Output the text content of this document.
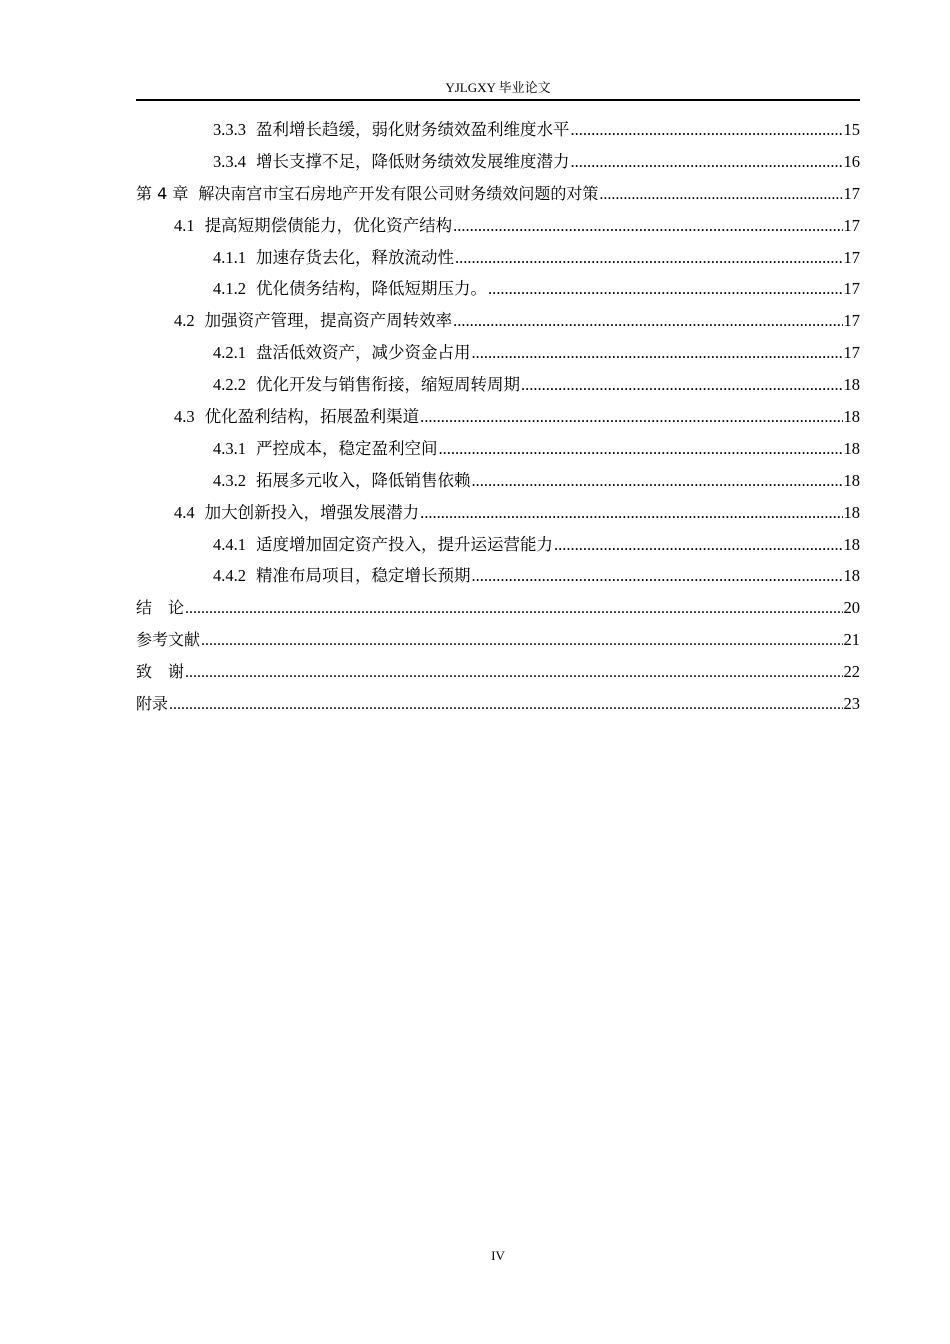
YJLGXY 毕业论文
3.3.3 盈利增长趋缓，弱化财务绩效盈利维度水平 .....	15
3.3.4 增长支撑不足，降低财务绩效发展维度潜力 .....	16
第 4 章 解决南宫市宝石房地产开发有限公司财务绩效问题的对策 .....	17
4.1 提高短期偿债能力，优化资产结构 .....	17
4.1.1 加速存货去化，释放流动性 .....	17
4.1.2 优化债务结构，降低短期压力。 .....	17
4.2 加强资产管理，提高资产周转效率 .....	17
4.2.1 盘活低效资产，减少资金占用 .....	17
4.2.2 优化开发与销售衔接，缩短周转周期 .....	18
4.3 优化盈利结构，拓展盈利渠道 .....	18
4.3.1 严控成本，稳定盈利空间 .....	18
4.3.2 拓展多元收入，降低销售依赖 .....	18
4.4 加大创新投入，增强发展潜力 .....	18
4.4.1 适度增加固定资产投入，提升运运营能力 .....	18
4.4.2 精准布局项目，稳定增长预期 .....	18
结　论 .....	20
参考文献 .....	21
致　谢 .....	22
附录 .....	23
IV
